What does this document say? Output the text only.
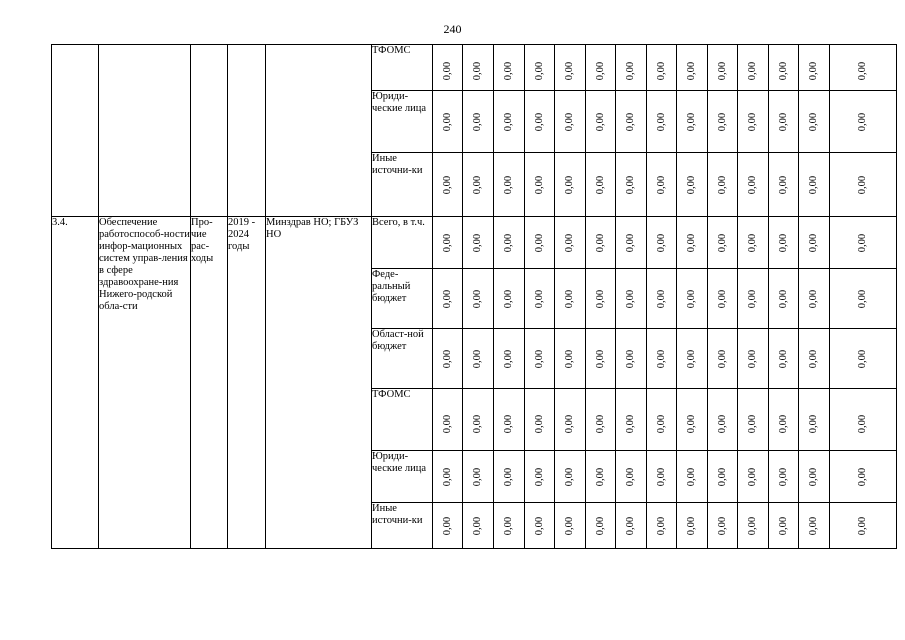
240
					ТФОМС	0,00	0,00	0,00	0,00	0,00	0,00	0,00	0,00	0,00	0,00	0,00	0,00	0,00	0,00

					Юриди-ческие лица	0,00	0,00	0,00	0,00	0,00	0,00	0,00	0,00	0,00	0,00	0,00	0,00	0,00	0,00

					Иные источни-ки	0,00	0,00	0,00	0,00	0,00	0,00	0,00	0,00	0,00	0,00	0,00	0,00	0,00	0,00

3.4.	Обеспечение работоспособ-ности инфор-мационных систем управ-ления в сфере здравоохране-ния Нижего-родской обла-сти	Про-чие рас-ходы	2019 - 2024 годы	Минздрав НО; ГБУЗ НО	Всего, в т.ч.	0,00	0,00	0,00	0,00	0,00	0,00	0,00	0,00	0,00	0,00	0,00	0,00	0,00	0,00

					Феде-ральный бюджет	0,00	0,00	0,00	0,00	0,00	0,00	0,00	0,00	0,00	0,00	0,00	0,00	0,00	0,00

					Област-ной бюджет	0,00	0,00	0,00	0,00	0,00	0,00	0,00	0,00	0,00	0,00	0,00	0,00	0,00	0,00

					ТФОМС	0,00	0,00	0,00	0,00	0,00	0,00	0,00	0,00	0,00	0,00	0,00	0,00	0,00	0,00

					Юриди-ческие лица	0,00	0,00	0,00	0,00	0,00	0,00	0,00	0,00	0,00	0,00	0,00	0,00	0,00	0,00

					Иные источни-ки	0,00	0,00	0,00	0,00	0,00	0,00	0,00	0,00	0,00	0,00	0,00	0,00	0,00	0,00
